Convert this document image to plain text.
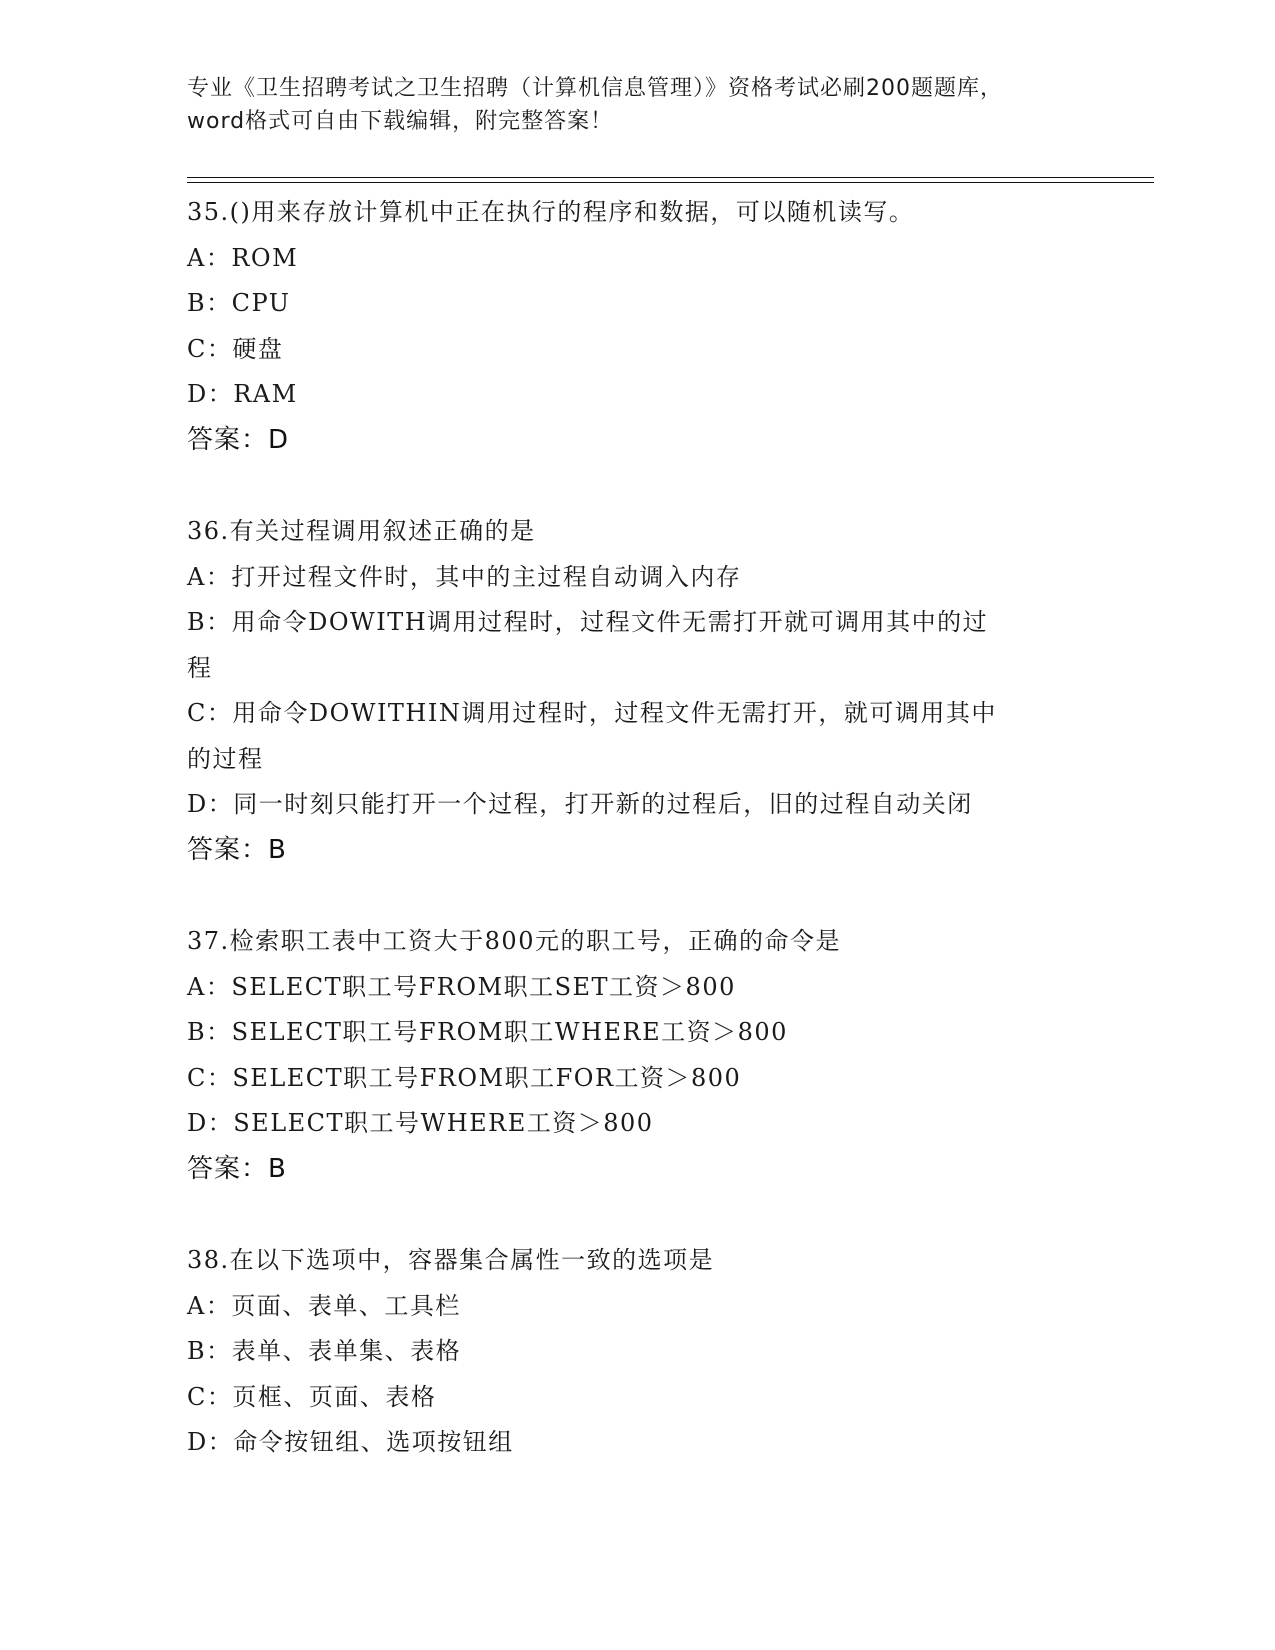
专业《卫生招聘考试之卫生招聘（计算机信息管理）》资格考试必刷200题题库，
word格式可自由下载编辑，附完整答案！

35.()用来存放计算机中正在执行的程序和数据，可以随机读写。

A：ROM

B：CPU

C：硬盘

D：RAM

答案：D

36.有关过程调用叙述正确的是

A：打开过程文件时，其中的主过程自动调入内存

B：用命令DOWITH调用过程时，过程文件无需打开就可调用其中的过

程

C：用命令DOWITHIN调用过程时，过程文件无需打开，就可调用其中

的过程

D：同一时刻只能打开一个过程，打开新的过程后，旧的过程自动关闭

答案：B

37.检索职工表中工资大于800元的职工号，正确的命令是

A：SELECT职工号FROM职工SET工资＞800

B：SELECT职工号FROM职工WHERE工资＞800

C：SELECT职工号FROM职工FOR工资＞800

D：SELECT职工号WHERE工资＞800

答案：B

38.在以下选项中，容器集合属性一致的选项是

A：页面、表单、工具栏

B：表单、表单集、表格

C：页框、页面、表格

D：命令按钮组、选项按钮组
